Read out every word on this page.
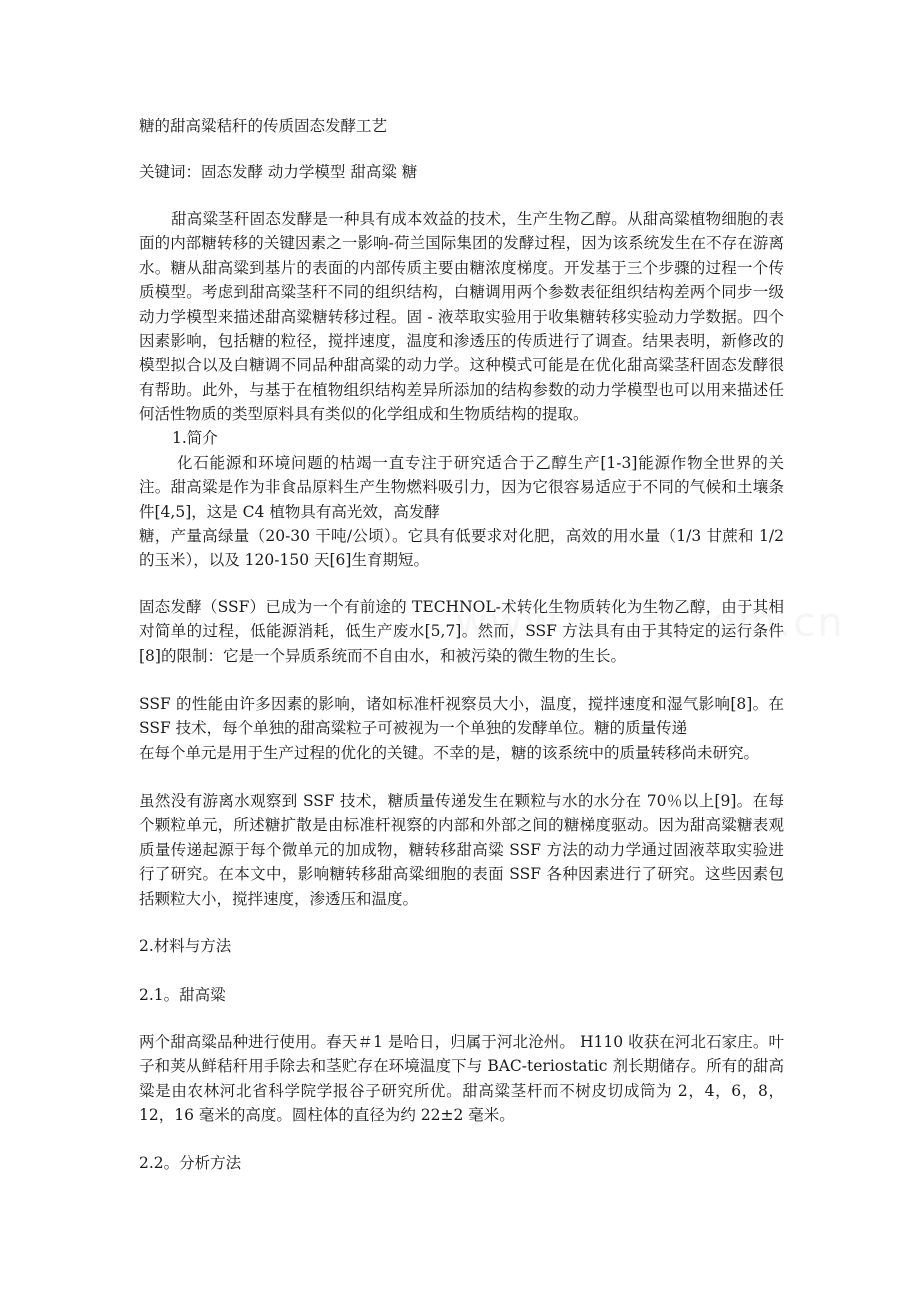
糖的甜高粱秸秆的传质固态发酵工艺
关键词：固态发酵 动力学模型 甜高粱 糖

甜高粱茎秆固态发酵是一种具有成本效益的技术，生产生物乙醇。从甜高粱植物细胞的表面的内部糖转移的关键因素之一影响-荷兰国际集团的发酵过程，因为该系统发生在不存在游离水。糖从甜高粱到基片的表面的内部传质主要由糖浓度梯度。开发基于三个步骤的过程一个传质模型。考虑到甜高粱茎秆不同的组织结构，白糖调用两个参数表征组织结构差两个同步一级动力学模型来描述甜高粱糖转移过程。固 - 液萃取实验用于收集糖转移实验动力学数据。四个因素影响，包括糖的粒径，搅拌速度，温度和渗透压的传质进行了调查。结果表明，新修改的模型拟合以及白糖调不同品种甜高粱的动力学。这种模式可能是在优化甜高粱茎秆固态发酵很有帮助。此外，与基于在植物组织结构差异所添加的结构参数的动力学模型也可以用来描述任何活性物质的类型原料具有类似的化学组成和生物质结构的提取。

1.简介

化石能源和环境问题的枯竭一直专注于研究适合于乙醇生产[1-3]能源作物全世界的关注。甜高粱是作为非食品原料生产生物燃料吸引力，因为它很容易适应于不同的气候和土壤条件[4,5]，这是 C4 植物具有高光效，高发酵

糖，产量高绿量（20-30 干吨/公顷）。它具有低要求对化肥，高效的用水量（1/3 甘蔗和 1/2 的玉米），以及 120-150 天[6]生育期短。

固态发酵（SSF）已成为一个有前途的 TECHNOL-术转化生物质转化为生物乙醇，由于其相对简单的过程，低能源消耗，低生产废水[5,7]。然而，SSF 方法具有由于其特定的运行条件[8]的限制：它是一个异质系统而不自由水，和被污染的微生物的生长。

SSF 的性能由许多因素的影响，诸如标准杆视察员大小，温度，搅拌速度和湿气影响[8]。在 SSF 技术，每个单独的甜高粱粒子可被视为一个单独的发酵单位。糖的质量传递

在每个单元是用于生产过程的优化的关键。不幸的是，糖的该系统中的质量转移尚未研究。

虽然没有游离水观察到 SSF 技术，糖质量传递发生在颗粒与水的水分在 70％以上[9]。在每个颗粒单元，所述糖扩散是由标准杆视察的内部和外部之间的糖梯度驱动。因为甜高粱糖表观质量传递起源于每个微单元的加成物，糖转移甜高粱 SSF 方法的动力学通过固液萃取实验进行了研究。在本文中，影响糖转移甜高粱细胞的表面 SSF 各种因素进行了研究。这些因素包括颗粒大小，搅拌速度，渗透压和温度。

2.材料与方法
2.1。甜高粱

两个甜高粱品种进行使用。春天＃1 是哈日，归属于河北沧州。 H110 收获在河北石家庄。叶子和荚从鲜秸秆用手除去和茎贮存在环境温度下与 BAC-teriostatic 剂长期储存。所有的甜高粱是由农林河北省科学院学报谷子研究所优。甜高粱茎杆而不树皮切成筒为 2，4，6，8，12，16 毫米的高度。圆柱体的直径为约 22±2 毫米。

2.2。分析方法
